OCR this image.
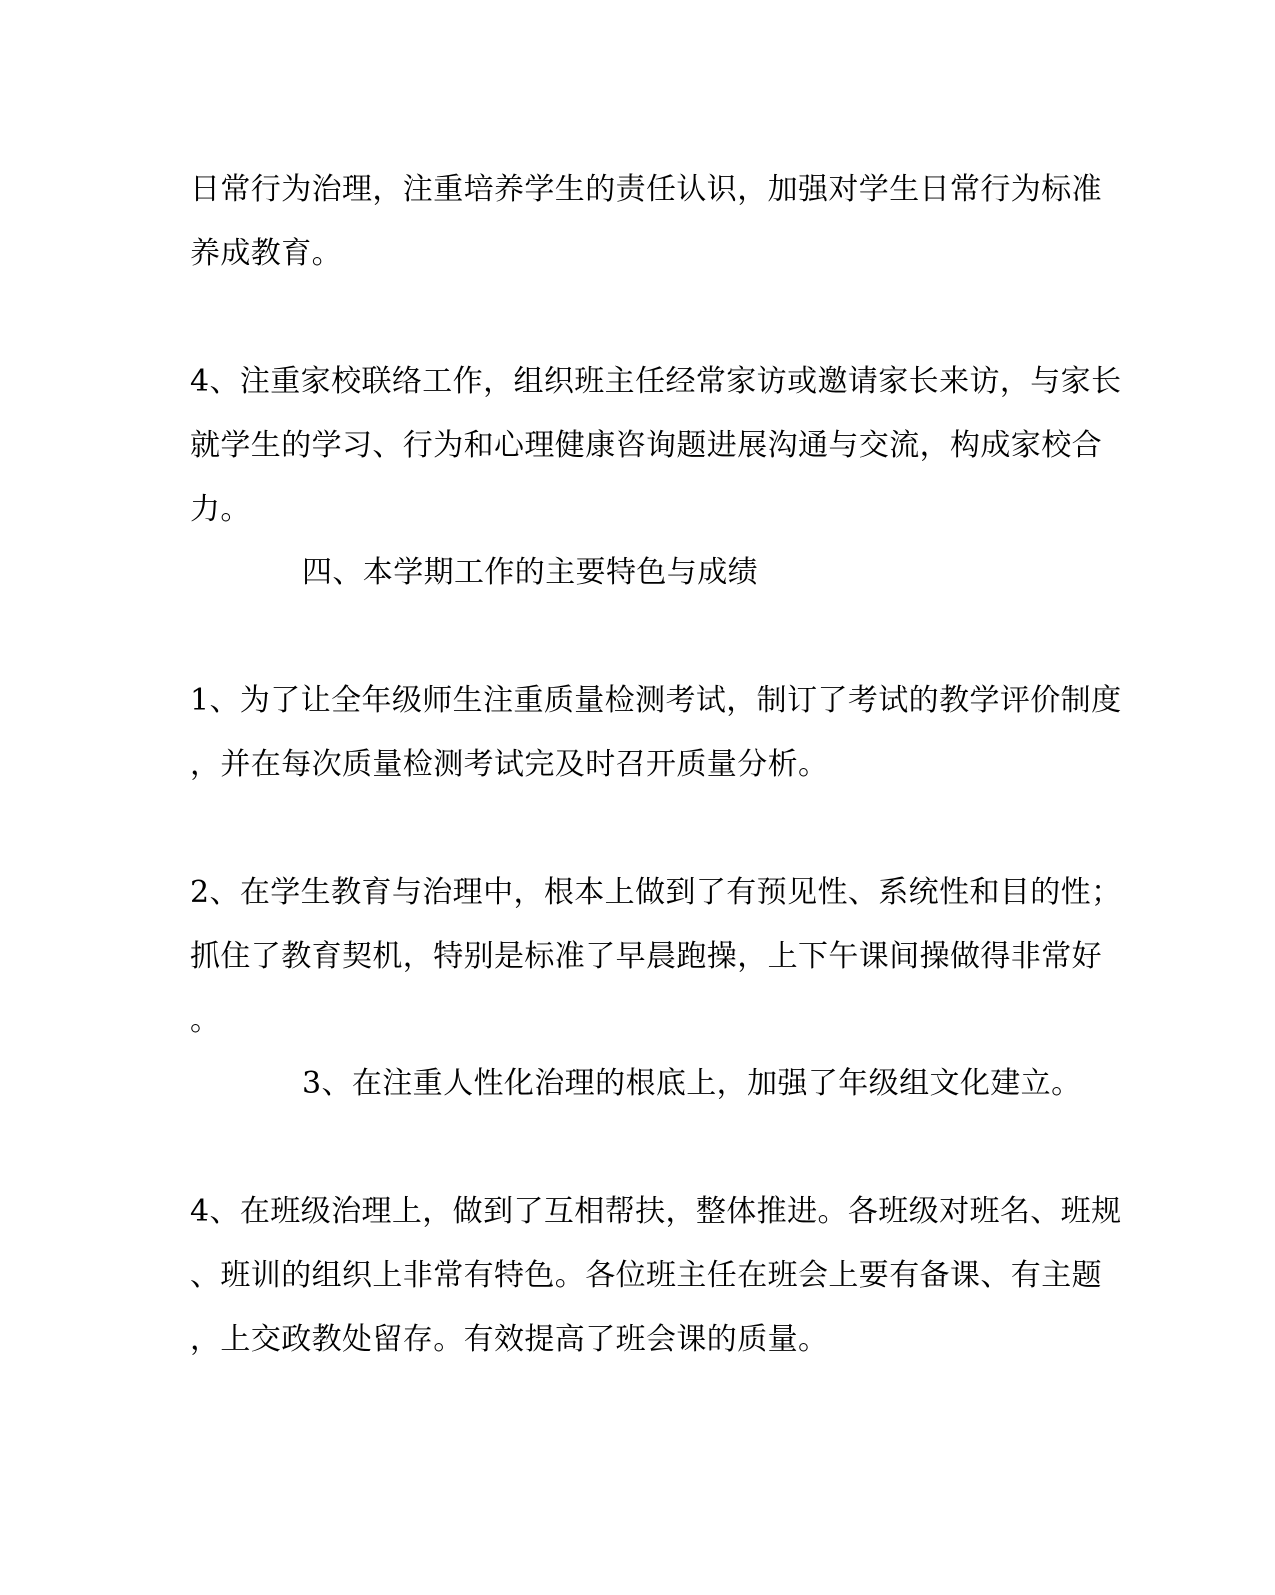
日常行为治理，注重培养学生的责任认识，加强对学生日常行为标准
养成教育。
4、注重家校联络工作，组织班主任经常家访或邀请家长来访，与家长
就学生的学习、行为和心理健康咨询题进展沟通与交流，构成家校合
力。
四、本学期工作的主要特色与成绩
1、为了让全年级师生注重质量检测考试，制订了考试的教学评价制度
，并在每次质量检测考试完及时召开质量分析。
2、在学生教育与治理中，根本上做到了有预见性、系统性和目的性；
抓住了教育契机，特别是标准了早晨跑操，上下午课间操做得非常好
。
3、在注重人性化治理的根底上，加强了年级组文化建立。
4、在班级治理上，做到了互相帮扶，整体推进。各班级对班名、班规
、班训的组织上非常有特色。各位班主任在班会上要有备课、有主题
，上交政教处留存。有效提高了班会课的质量。
